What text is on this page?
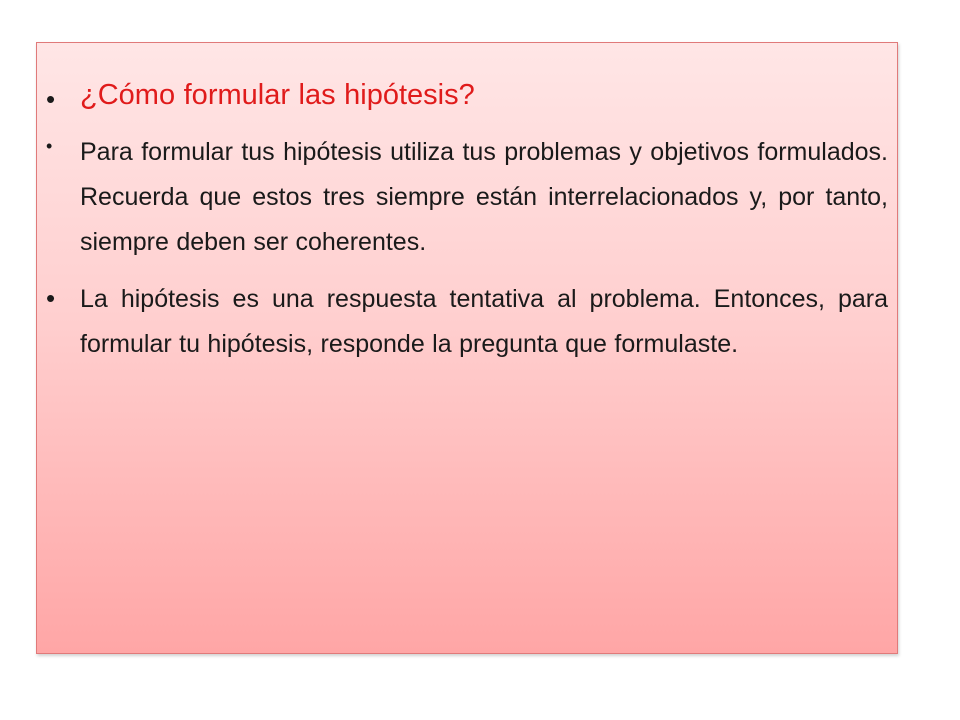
• ¿Cómo formular las hipótesis?
• Para formular tus hipótesis utiliza tus problemas y objetivos formulados. Recuerda que estos tres siempre están interrelacionados y, por tanto, siempre deben ser coherentes.
• La hipótesis es una respuesta tentativa al problema. Entonces, para formular tu hipótesis, responde la pregunta que formulaste.
